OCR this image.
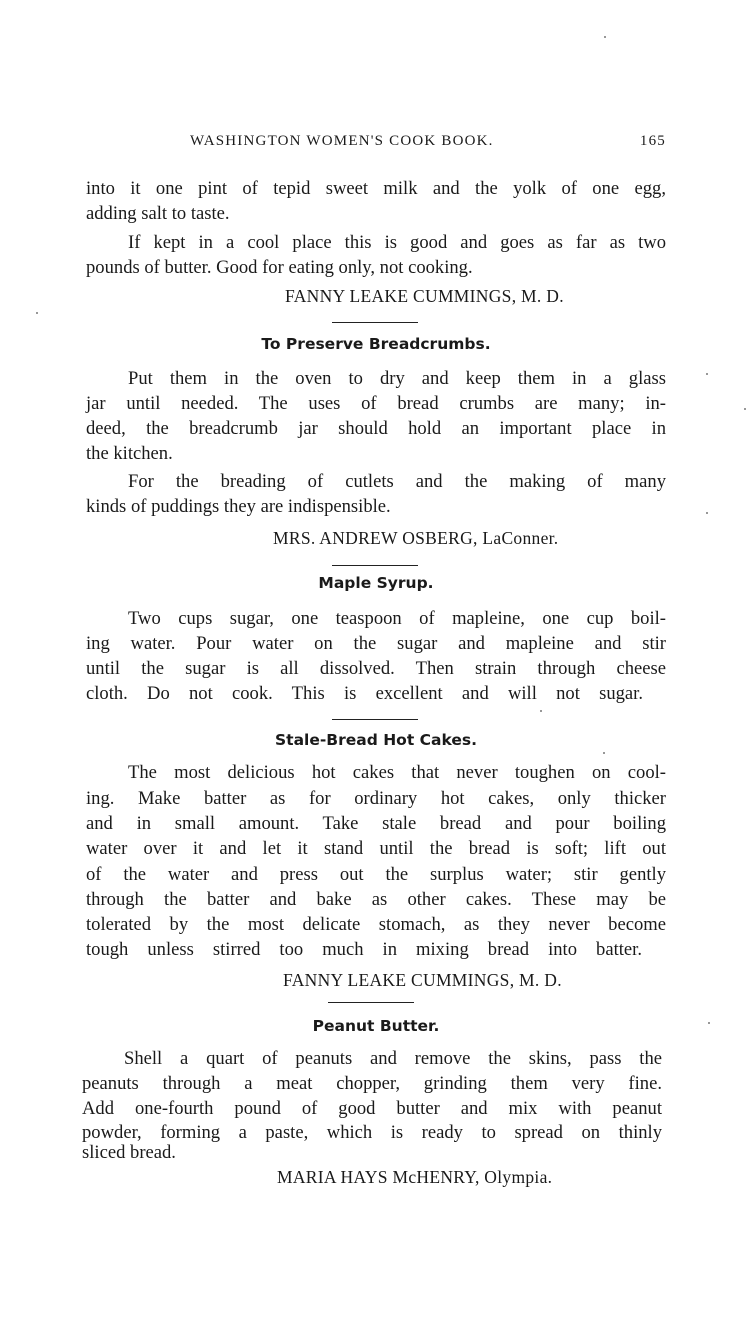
WASHINGTON WOMEN'S COOK BOOK.	165
into it one pint of tepid sweet milk and the yolk of one egg,
adding salt to taste.
If kept in a cool place this is good and goes as far as two
pounds of butter. Good for eating only, not cooking.
FANNY LEAKE CUMMINGS, M. D.
To Preserve Breadcrumbs.
Put them in the oven to dry and keep them in a glass
jar until needed. The uses of bread crumbs are many; in-
deed, the breadcrumb jar should hold an important place in
the kitchen.
For the breading of cutlets and the making of many
kinds of puddings they are indispensible.
MRS. ANDREW OSBERG, LaConner.
Maple Syrup.
Two cups sugar, one teaspoon of mapleine, one cup boil-
ing water. Pour water on the sugar and mapleine and stir
until the sugar is all dissolved. Then strain through cheese
cloth. Do not cook. This is excellent and will not sugar.
Stale-Bread Hot Cakes.
The most delicious hot cakes that never toughen on cool-
ing. Make batter as for ordinary hot cakes, only thicker
and in small amount. Take stale bread and pour boiling
water over it and let it stand until the bread is soft; lift out
of the water and press out the surplus water; stir gently
through the batter and bake as other cakes. These may be
tolerated by the most delicate stomach, as they never become
tough unless stirred too much in mixing bread into batter.
FANNY LEAKE CUMMINGS, M. D.
Peanut Butter.
Shell a quart of peanuts and remove the skins, pass the
peanuts through a meat chopper, grinding them very fine.
Add one-fourth pound of good butter and mix with peanut
powder, forming a paste, which is ready to spread on thinly
sliced bread.
MARIA HAYS McHENRY, Olympia.
